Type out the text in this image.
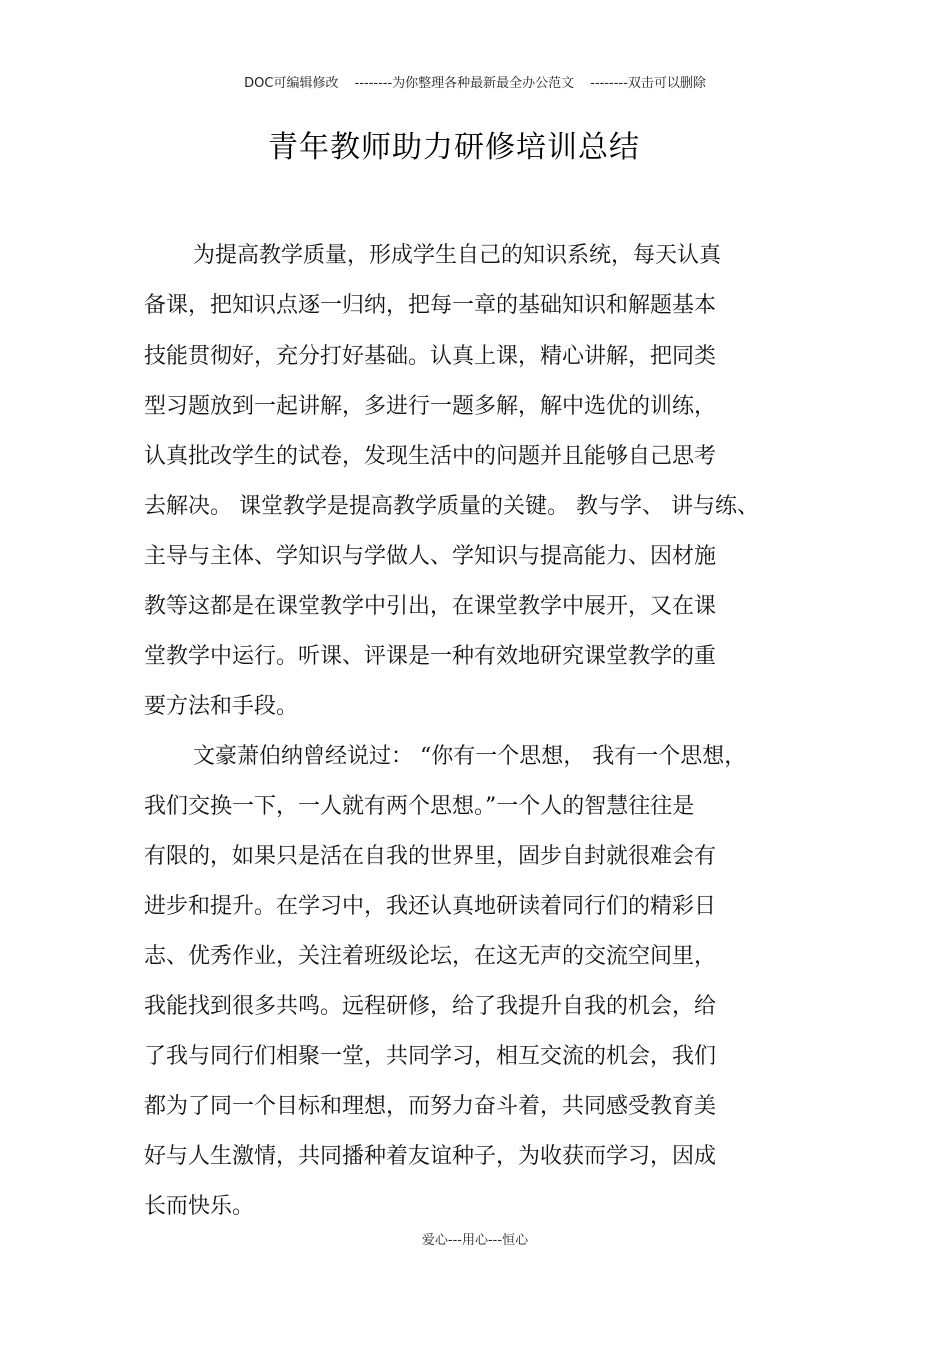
DOC可编辑修改 --------为你整理各种最新最全办公范文 --------双击可以删除
青年教师助力研修培训总结
为提高教学质量，形成学生自己的知识系统，每天认真
备课，把知识点逐一归纳，把每一章的基础知识和解题基本
技能贯彻好，充分打好基础。认真上课，精心讲解，把同类
型习题放到一起讲解，多进行一题多解，解中选优的训练，
认真批改学生的试卷，发现生活中的问题并且能够自己思考
去解决。 课堂教学是提高教学质量的关键。 教与学、 讲与练、
主导与主体、学知识与学做人、学知识与提高能力、因材施
教等这都是在课堂教学中引出，在课堂教学中展开，又在课
堂教学中运行。听课、评课是一种有效地研究课堂教学的重
要方法和手段。
文豪萧伯纳曾经说过： “你有一个思想， 我有一个思想，
我们交换一下，一人就有两个思想。”一个人的智慧往往是
有限的，如果只是活在自我的世界里，固步自封就很难会有
进步和提升。在学习中，我还认真地研读着同行们的精彩日
志、优秀作业，关注着班级论坛，在这无声的交流空间里，
我能找到很多共鸣。远程研修，给了我提升自我的机会，给
了我与同行们相聚一堂，共同学习，相互交流的机会，我们
都为了同一个目标和理想，而努力奋斗着，共同感受教育美
好与人生激情，共同播种着友谊种子，为收获而学习，因成
长而快乐。
爱心---用心---恒心
